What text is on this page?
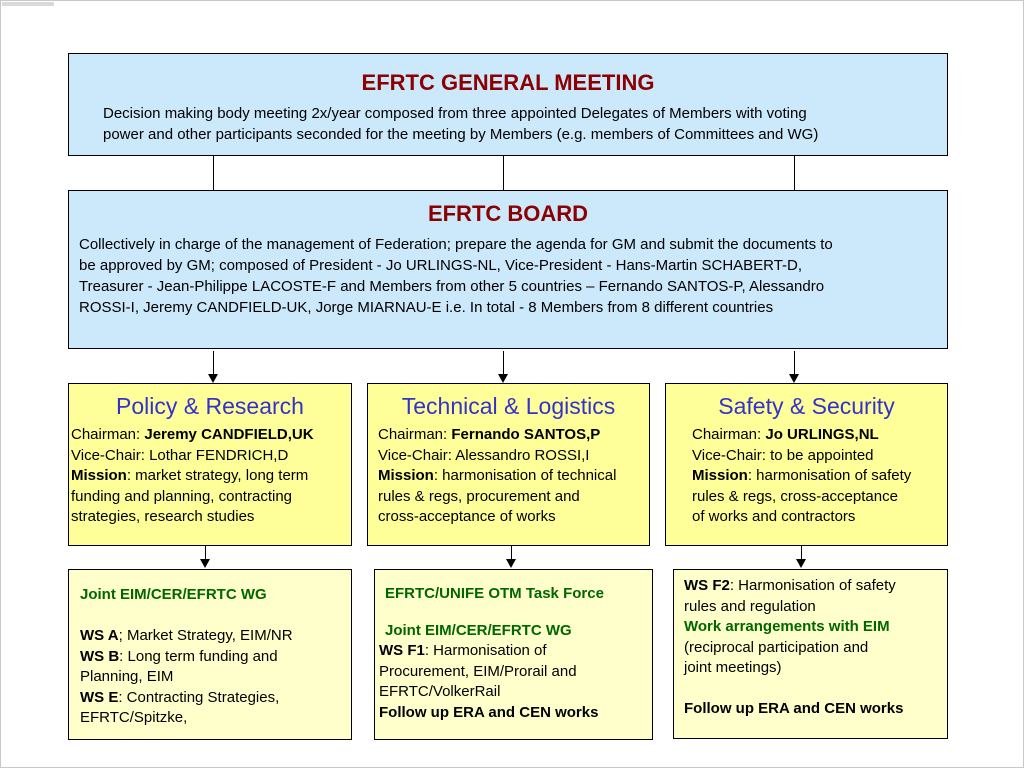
EFRTC GENERAL MEETING
Decision making body meeting 2x/year composed from three appointed Delegates of Members with voting
power and other participants seconded for the meeting by Members (e.g. members of Committees and WG)
EFRTC BOARD
Collectively in charge of the management of Federation; prepare the agenda for GM and submit the documents to
be approved by GM; composed of President - Jo URLINGS-NL, Vice-President - Hans-Martin SCHABERT-D,
Treasurer - Jean-Philippe LACOSTE-F and Members from other 5 countries – Fernando SANTOS-P, Alessandro
ROSSI-I, Jeremy CANDFIELD-UK, Jorge MIARNAU-E i.e. In total - 8 Members from 8 different countries
Policy & Research
Chairman: Jeremy CANDFIELD,UK
Vice-Chair: Lothar FENDRICH,D
Mission: market strategy, long term
funding and planning, contracting
strategies, research studies
Technical & Logistics
Chairman: Fernando SANTOS,P
Vice-Chair: Alessandro ROSSI,I
Mission: harmonisation of technical
rules & regs, procurement and
cross-acceptance of works
Safety & Security
Chairman: Jo URLINGS,NL
Vice-Chair: to be appointed
Mission: harmonisation of safety
rules & regs, cross-acceptance
of works and contractors
Joint EIM/CER/EFRTC WG
WS A; Market Strategy, EIM/NR
WS B: Long term funding and
Planning, EIM
WS E: Contracting Strategies,
EFRTC/Spitzke,
EFRTC/UNIFE OTM Task Force
Joint EIM/CER/EFRTC WG
WS F1: Harmonisation of
Procurement, EIM/Prorail and
EFRTC/VolkerRail
Follow up ERA and CEN works
WS F2: Harmonisation of safety
rules and regulation
Work arrangements with EIM
(reciprocal participation and
joint meetings)
Follow up ERA and CEN works
